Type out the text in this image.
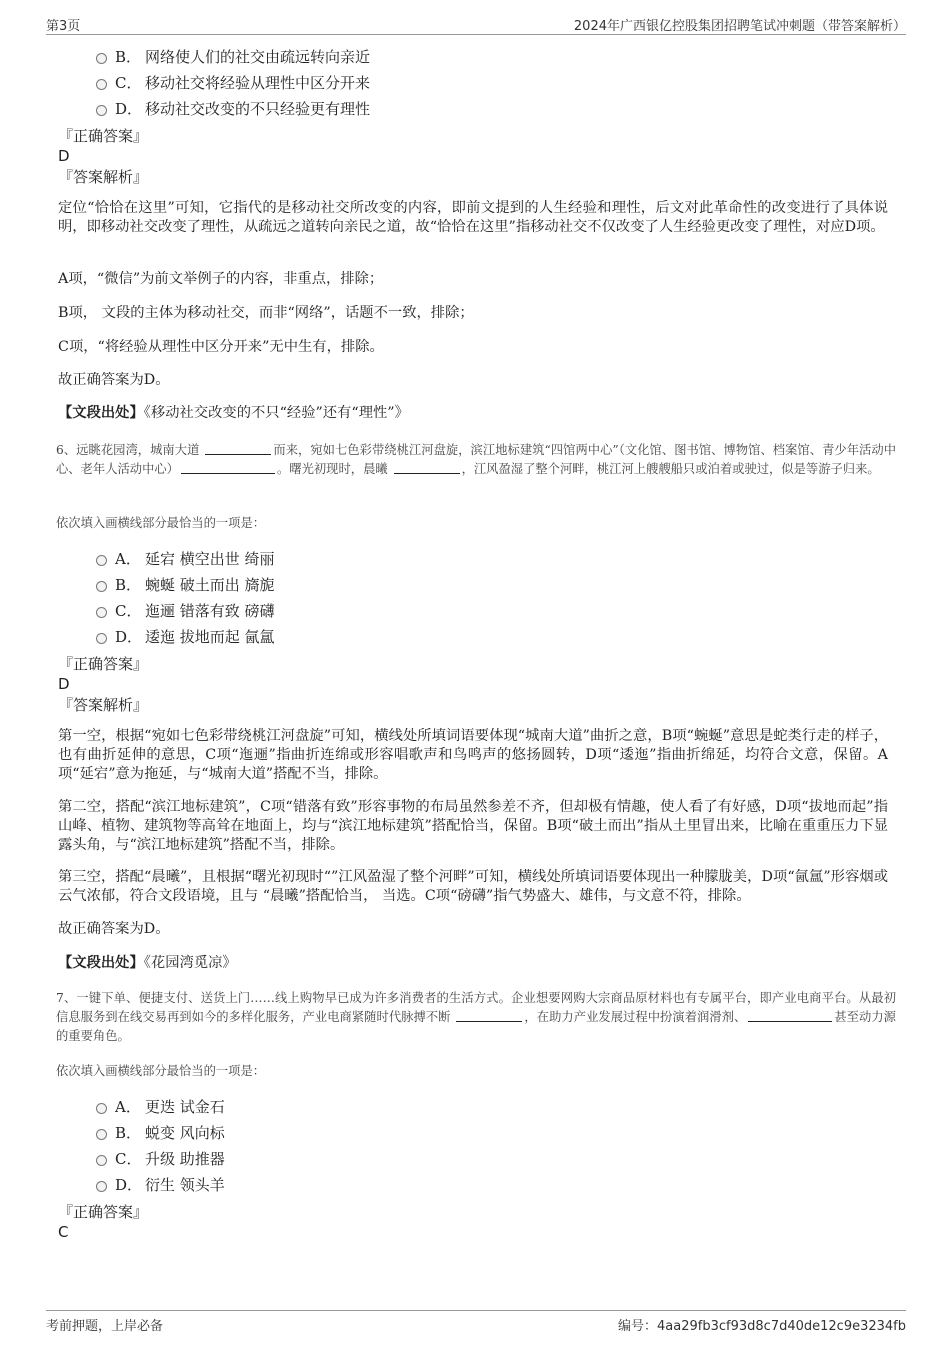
第3页	2024年广西银亿控股集团招聘笔试冲刺题（带答案解析）
B． 网络使人们的社交由疏远转向亲近
C． 移动社交将经验从理性中区分开来
D． 移动社交改变的不只经验更有理性
『正确答案』
D
『答案解析』
定位“恰恰在这里”可知，它指代的是移动社交所改变的内容，即前文提到的人生经验和理性，后文对此革命性的改变进行了具体说明，即移动社交改变了理性，从疏远之道转向亲民之道，故“恰恰在这里”指移动社交不仅改变了人生经验更改变了理性，对应D项。
A项，“微信”为前文举例子的内容，非重点，排除；
B项， 文段的主体为移动社交，而非“网络”，话题不一致，排除；
C项，“将经验从理性中区分开来”无中生有，排除。
故正确答案为D。
【文段出处】《移动社交改变的不只“经验”还有“理性”》
6、远眺花园湾，城南大道	而来，宛如七色彩带绕桃江河盘旋，滨江地标建筑“四馆两中心”（文化馆、图书馆、博物馆、档案馆、青少年活动中心、老年人活动中心）	。曙光初现时，晨曦	，江风盈湿了整个河畔，桃江河上艘艘船只或泊着或驶过，似是等游子归来。
依次填入画横线部分最恰当的一项是：
A． 延宕 横空出世 绮丽
B． 蜿蜒 破土而出 旖旎
C． 迤逦 错落有致 磅礴
D． 逶迤 拔地而起 氤氲
『正确答案』
D
『答案解析』
第一空，根据“宛如七色彩带绕桃江河盘旋”可知，横线处所填词语要体现“城南大道”曲折之意，B项“蜿蜒”意思是蛇类行走的样子，也有曲折延伸的意思，C项“迤逦”指曲折连绵或形容唱歌声和鸟鸣声的悠扬圆转，D项“逶迤”指曲折绵延，均符合文意，保留。A项“延宕”意为拖延，与“城南大道”搭配不当，排除。
第二空，搭配“滨江地标建筑”，C项“错落有致”形容事物的布局虽然参差不齐，但却极有情趣，使人看了有好感，D项“拔地而起”指山峰、植物、建筑物等高耸在地面上，均与“滨江地标建筑”搭配恰当，保留。B项“破土而出”指从土里冒出来，比喻在重重压力下显露头角，与“滨江地标建筑”搭配不当，排除。
第三空，搭配“晨曦”，且根据“曙光初现时“”江风盈湿了整个河畔”可知，横线处所填词语要体现出一种朦胧美，D项“氤氲”形容烟或云气浓郁，符合文段语境，且与 “晨曦”搭配恰当， 当选。C项“磅礴”指气势盛大、雄伟，与文意不符，排除。
故正确答案为D。
【文段出处】《花园湾觅凉》
7、一键下单、便捷支付、送货上门……线上购物早已成为许多消费者的生活方式。企业想要网购大宗商品原材料也有专属平台，即产业电商平台。从最初信息服务到在线交易再到如今的多样化服务，产业电商紧随时代脉搏不断	，在助力产业发展过程中扮演着润滑剂、	甚至动力源的重要角色。
依次填入画横线部分最恰当的一项是：
A． 更迭 试金石
B． 蜕变 风向标
C． 升级 助推器
D． 衍生 领头羊
『正确答案』
C
考前押题，上岸必备	编号：4aa29fb3cf93d8c7d40de12c9e3234fb
